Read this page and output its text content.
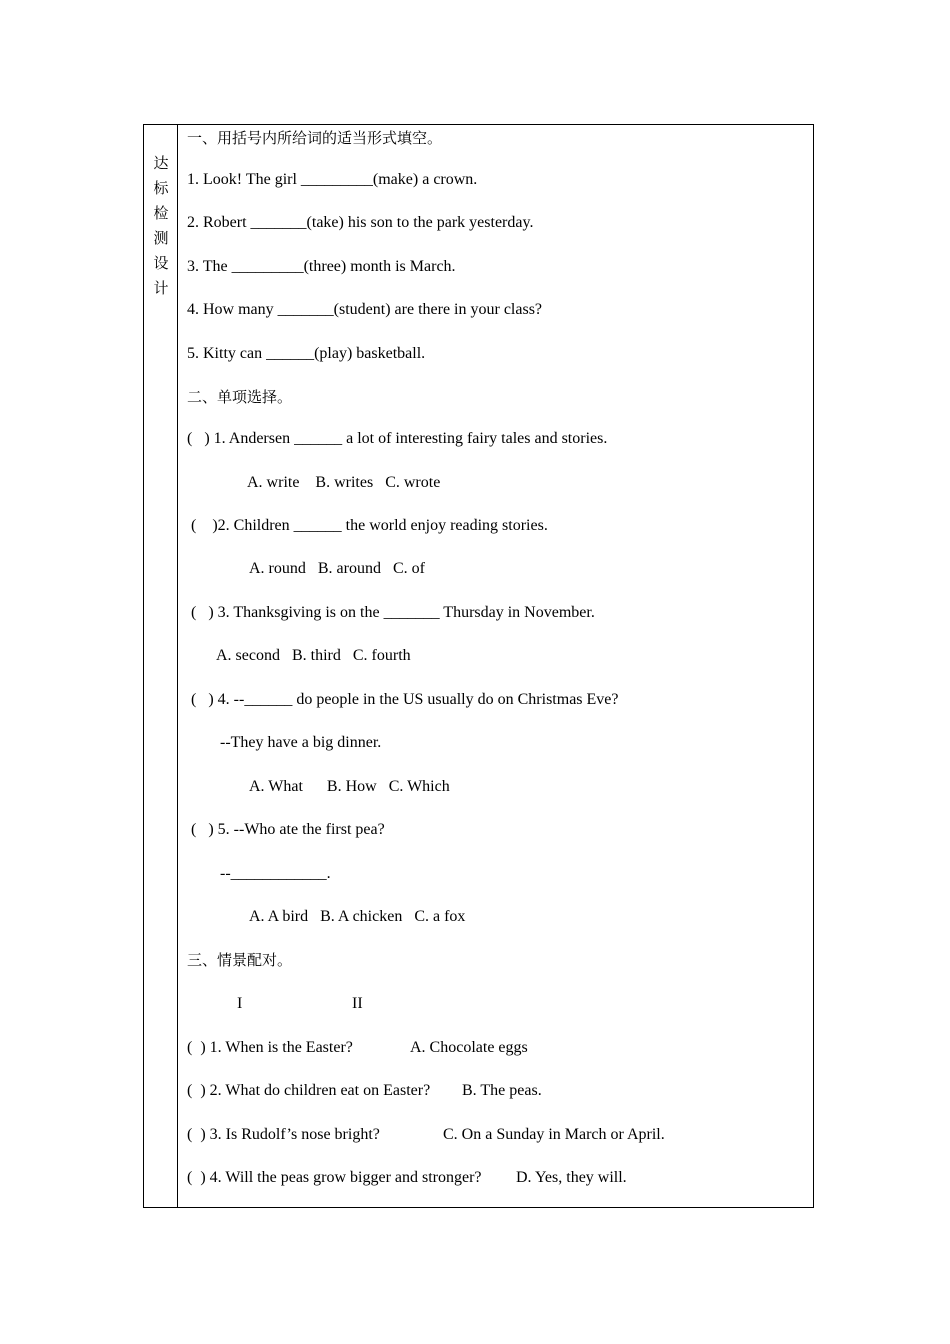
达
标
检
测
设
计
一、用括号内所给词的适当形式填空。
1. Look! The girl _________(make) a crown.
2. Robert _______(take) his son to the park yesterday.
3. The _________(three) month is March.
4. How many _______(student) are there in your class?
5. Kitty can ______(play) basketball.
二、单项选择。
(   ) 1. Andersen ______ a lot of interesting fairy tales and stories.
A. write    B. writes   C. wrote
(    )2. Children ______ the world enjoy reading stories.
A. round   B. around   C. of
(   ) 3. Thanksgiving is on the _______ Thursday in November.
A. second   B. third   C. fourth
(   ) 4. --______ do people in the US usually do on Christmas Eve?
--They have a big dinner.
A. What      B. How   C. Which
(   ) 5. --Who ate the first pea?
--____________.
A. A bird   B. A chicken   C. a fox
三、情景配对。
I	II
(  ) 1. When is the Easter?	A. Chocolate eggs
(  ) 2. What do children eat on Easter? B. The peas.
(  ) 3. Is Rudolf’s nose bright?	C. On a Sunday in March or April.
(  ) 4. Will the peas grow bigger and stronger? D. Yes, they will.
